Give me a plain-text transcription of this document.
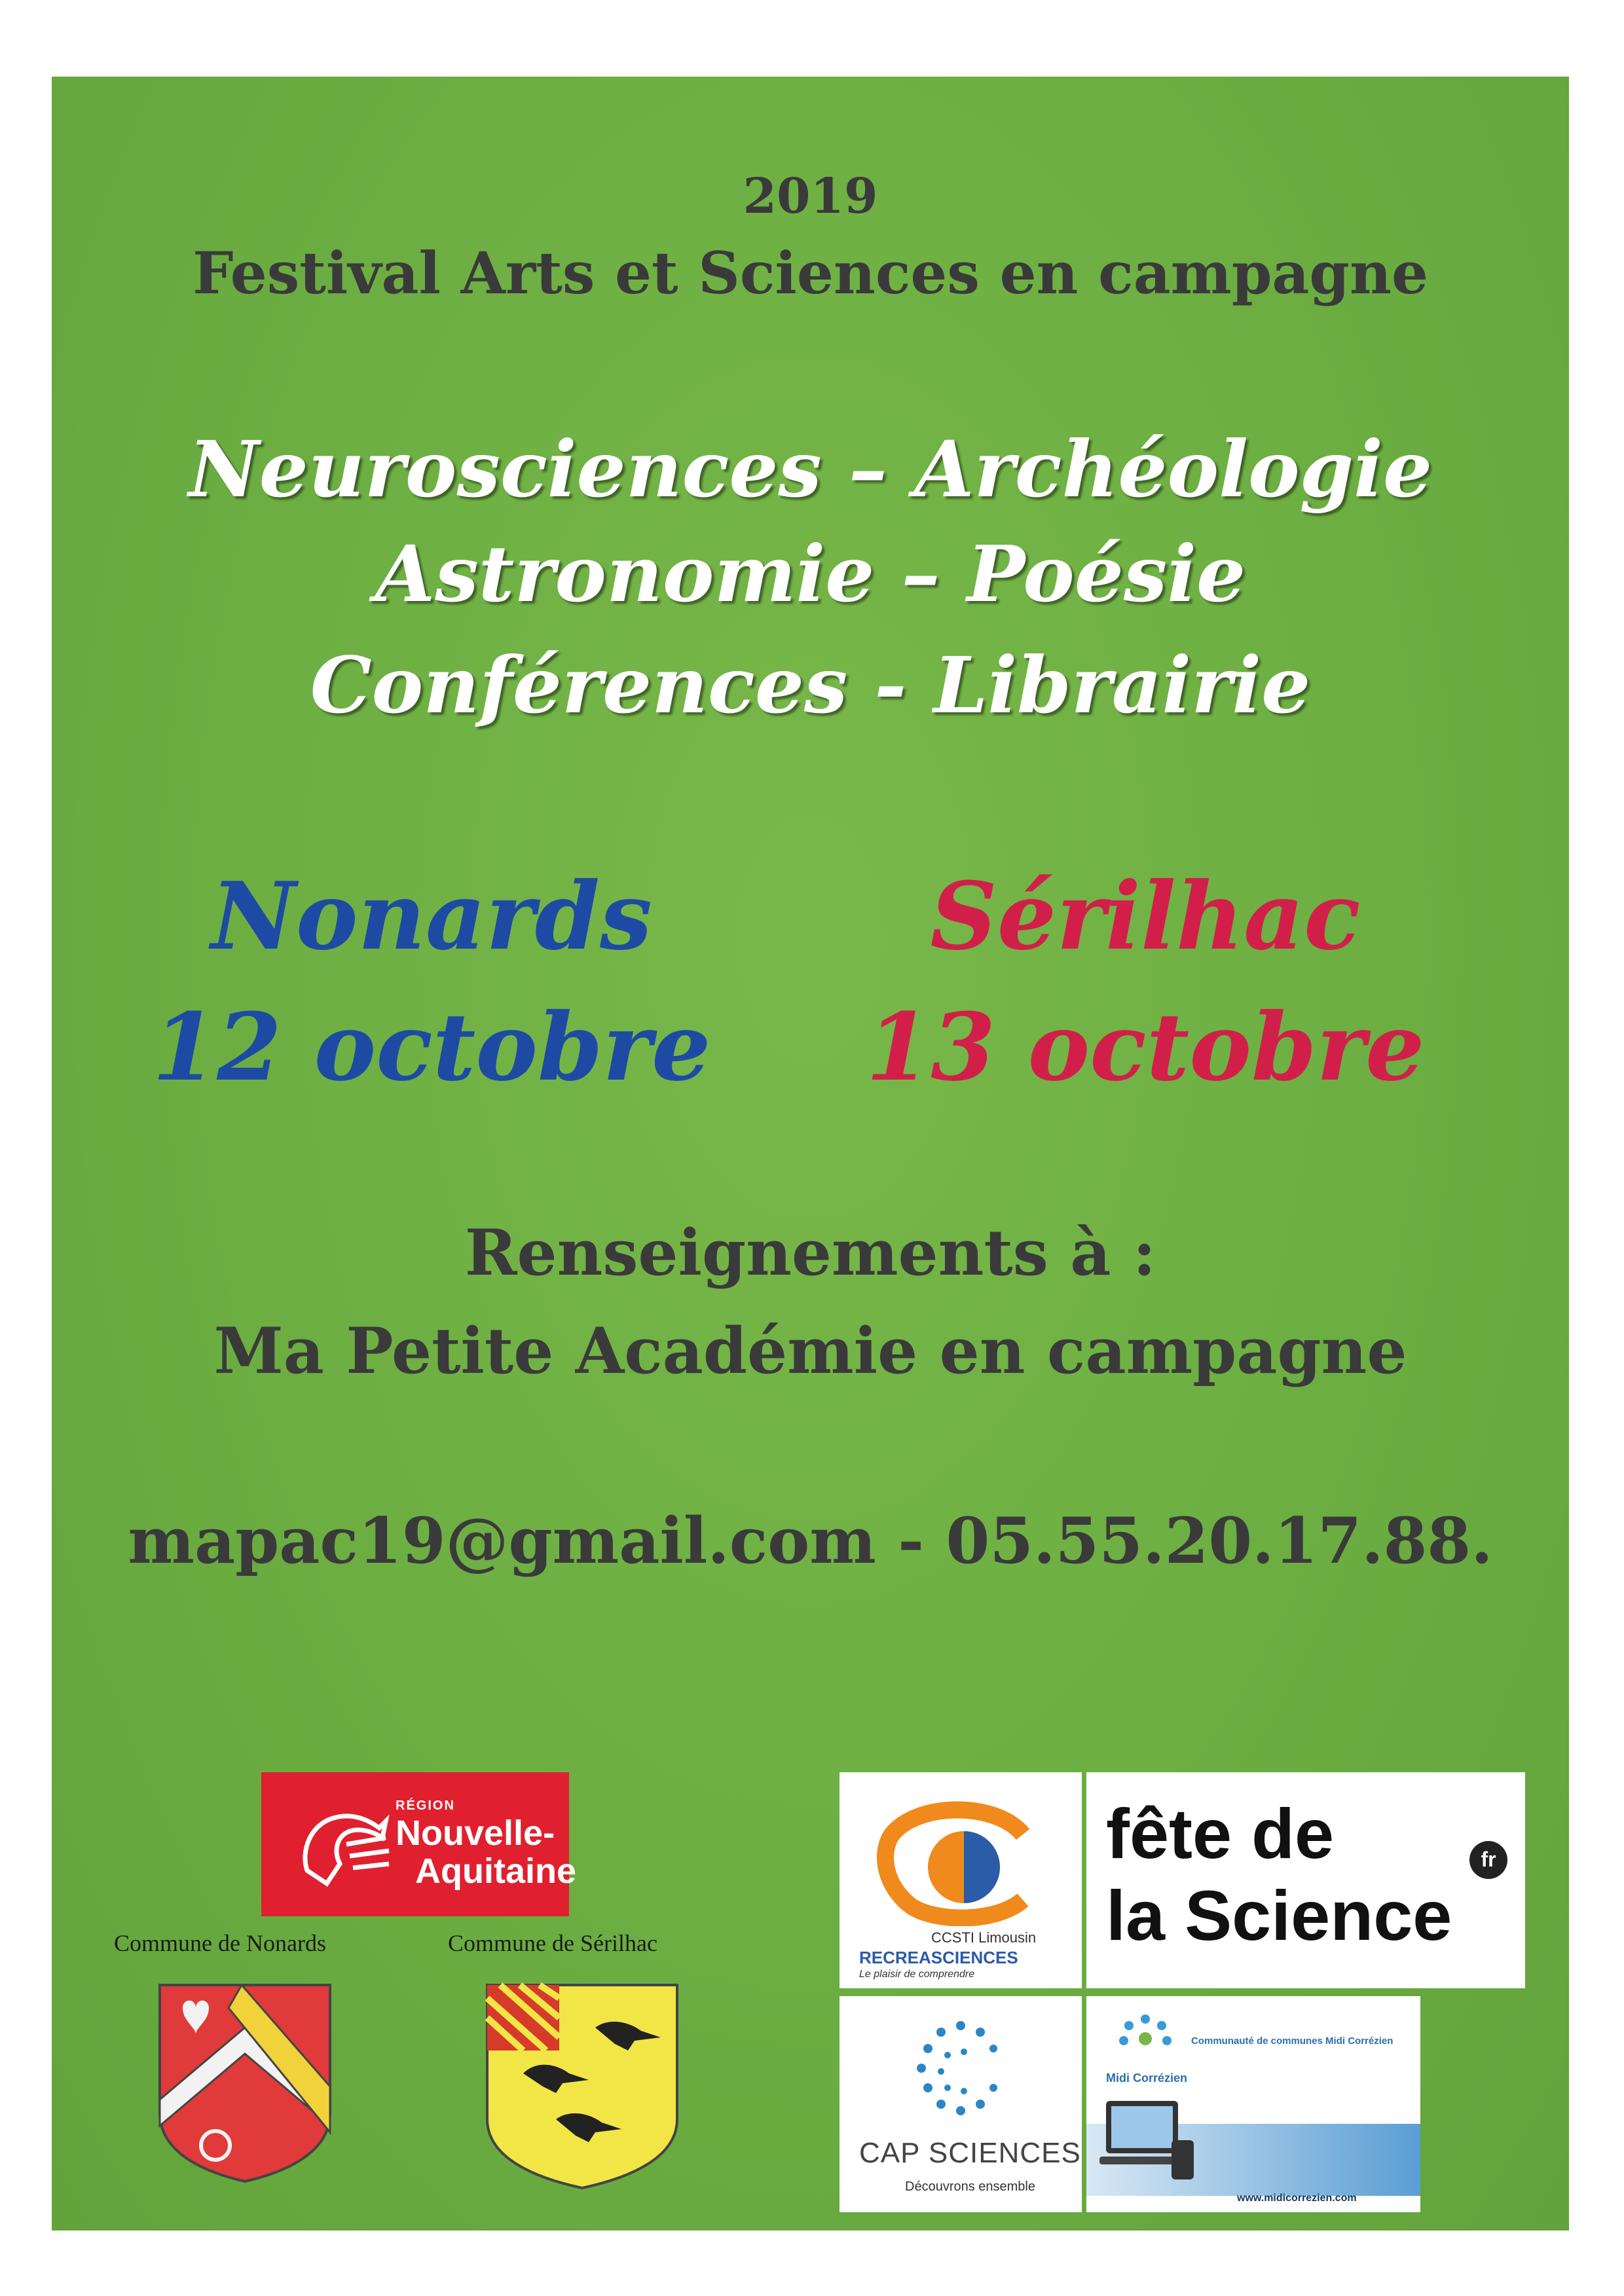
2019
Festival Arts et Sciences en campagne
Neurosciences – Archéologie
Astronomie – Poésie
Conférences - Librairie
Nonards
12 octobre
Sérilhac
13 octobre
Renseignements à :
Ma Petite Académie en campagne
mapac19@gmail.com - 05.55.20.17.88.
RÉGION
Nouvelle-
Aquitaine
Commune de Nonards	Commune de Sérilhac	CCSTI Limousin
RECREASCIENCES
Le plaisir de comprendre
fête de
la Science
fr
CAP SCIENCES
Découvrons ensemble
Midi Corrézien
Communauté de communes Midi Corrézien
www.midicorrezien.com
